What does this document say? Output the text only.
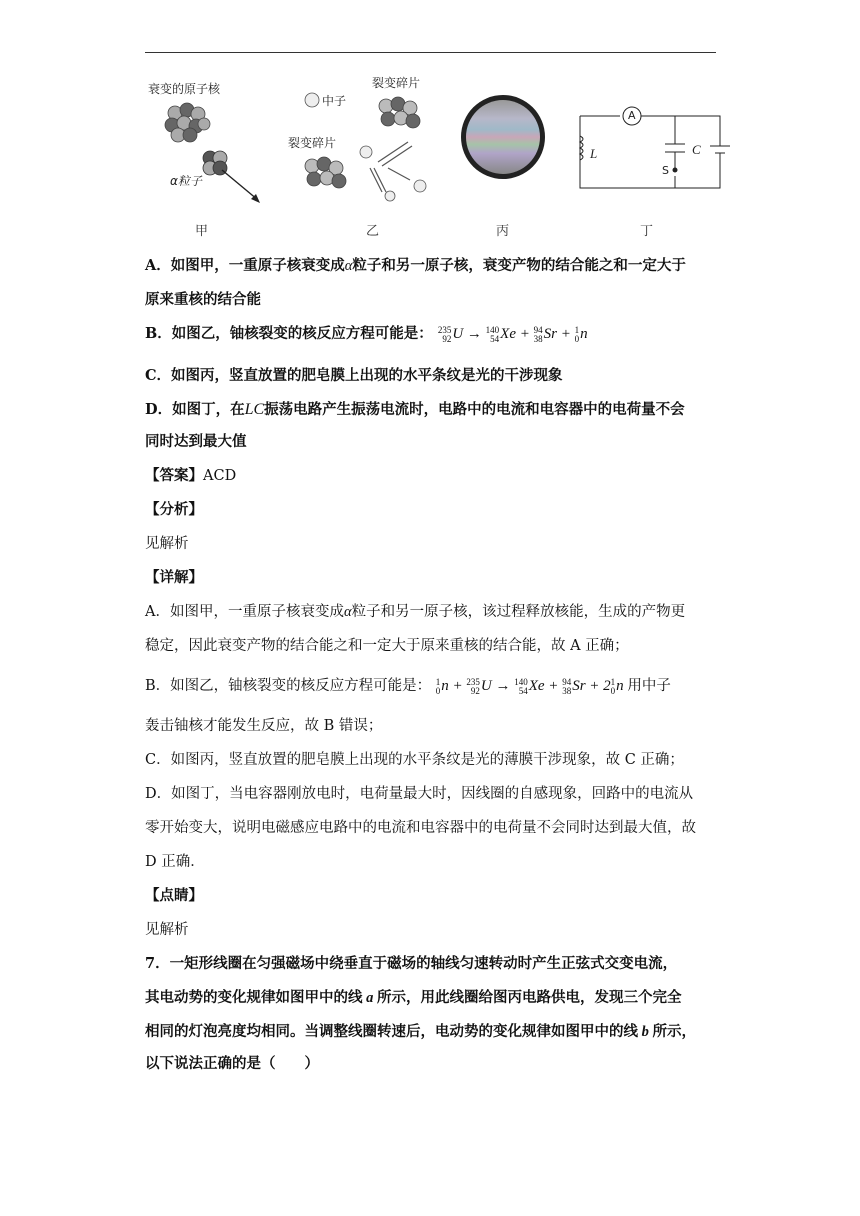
衰变的原子核
α粒子
甲
中子
裂变碎片
裂变碎片
乙	丙
A
L	C
S
丁
A．如图甲，一重原子核衰变成α粒子和另一原子核，衰变产物的结合能之和一定大于
原来重核的结合能
B．如图乙，铀核裂变的核反应方程可能是： 235
92 U → 140
54 Xe + 94
38 Sr + 1
0 n
C．如图丙，竖直放置的肥皂膜上出现的水平条纹是光的干涉现象
D．如图丁，在LC振荡电路产生振荡电流时，电路中的电流和电容器中的电荷量不会
同时达到最大值
【答案】ACD
【分析】
见解析
【详解】
A．如图甲，一重原子核衰变成α粒子和另一原子核，该过程释放核能，生成的产物更
稳定，因此衰变产物的结合能之和一定大于原来重核的结合能，故 A 正确；
B．如图乙，铀核裂变的核反应方程可能是： 1
0 n + 235
92 U → 140
54 Xe + 94
38 Sr + 2 1
0 n 用中子
轰击铀核才能发生反应，故 B 错误；
C．如图丙，竖直放置的肥皂膜上出现的水平条纹是光的薄膜干涉现象，故 C 正确；
D．如图丁，当电容器刚放电时，电荷量最大时，因线圈的自感现象，回路中的电流从
零开始变大，说明电磁感应电路中的电流和电容器中的电荷量不会同时达到最大值，故
D 正确．
【点睛】
见解析
7．一矩形线圈在匀强磁场中绕垂直于磁场的轴线匀速转动时产生正弦式交变电流，
其电动势的变化规律如图甲中的线 a 所示，用此线圈给图丙电路供电，发现三个完全
相同的灯泡亮度均相同。当调整线圈转速后，电动势的变化规律如图甲中的线 b 所示，
以下说法正确的是（　　）
